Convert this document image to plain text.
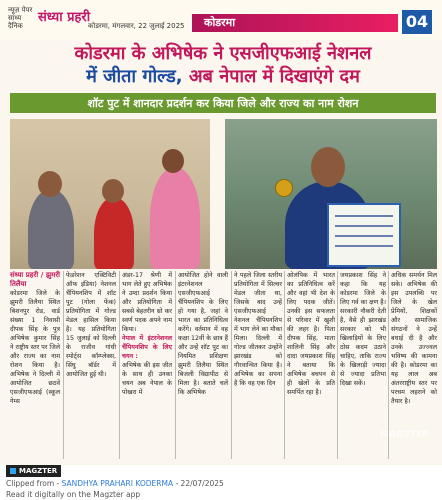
न्यूज़ पेपर सांध्य दैनिक
संध्या प्रहरी
कोडरमा, मंगलवार, 22 जुलाई 2025 कोडरमा	04
कोडरमा के अभिषेक ने एसजीएफआई नेशनल
में जीता गोल्ड, अब नेपाल में दिखाएंगे दम
शॉट पुट में शानदार प्रदर्शन कर किया जिले और राज्य का नाम रोशन
संध्या प्रहरी / झुमरी तिलैया
कोडरमा जिले के झुमरी तिलैया स्थित बिशनपुर रोड, वार्ड संख्या 1 निवासी दीपक सिंह के पुत्र अभिषेक कुमार सिंह ने राष्ट्रीय स्तर पर जिले और राज्य का नाम रोशन किया है। अभिषेक ने दिल्ली में आयोजित छठवें एसजीएफआई (स्कूल गेम्स
फेडरेशन एक्टिविटी ऑफ इंडिया) नेशनल चैंपियनशिप में शॉट पुट (गोला फेंक) प्रतियोगिता में गोल्ड मेडल हासिल किया है। यह प्रतियोगिता 15 जुलाई को दिल्ली के राजीव गांधी स्पोर्ट्स कॉम्प्लेक्स, सिंघु बॉर्डर में आयोजित हुई थी।
अंडर-17 श्रेणी में भाग लेते हुए अभिषेक ने उम्दा प्रदर्शन किया और प्रतियोगिता में सबसे बेहतरीन थ्रो कर स्वर्ण पदक अपने नाम किया।
नेपाल में इंटरनेशनल चैंपियनशिप के लिए चयन :
अभिषेक की इस जीत के साथ ही उनका चयन अब नेपाल के पोखरा में
आयोजित होने वाली इंटरनेशनल एसजीएफआई चैंपियनशिप के लिए हो गया है, जहां वे भारत का प्रतिनिधित्व करेंगे। वर्तमान में वह कक्षा 12वीं के छात्र हैं और उन्हें शॉट पुट का नियमित प्रशिक्षण झुमरी तिलैया स्थित बिजली विद्यापीठ से मिला है। बताते चलें कि अभिषेक
ने पहले जिला स्तरीय प्रतियोगिता में सिल्वर मेडल जीता था, जिसके बाद उन्हें एसजीएफआई नेशनल चैंपियनशिप में भाग लेने का मौका मिला। दिल्ली में गोल्ड जीतकर उन्होंने झारखंड को गौरवान्वित किया है। अभिषेक का सपना है कि वह एक दिन
ओलंपिक में भारत का प्रतिनिधित्व करें और वहां भी देश के लिए पदक जीतें। उनकी इस सफलता से परिवार में खुशी की लहर है। पिता दीपक सिंह, माता शालिनी सिंह और दादा जयप्रकाश सिंह ने बताया कि अभिषेक बचपन से ही खेलों के प्रति समर्पित रहा है।
जयप्रकाश सिंह ने कहा कि यह कोडरमा जिले के लिए गर्व का क्षण है। सरकारी नौकरी देती है, वैसे ही झारखंड सरकार को भी खिलाड़ियों के लिए ठोस कदम उठाने चाहिए, ताकि राज्य के खिलाड़ी ज्यादा से ज्यादा प्रतिभा दिखा सकें।
अधिक समर्थन मिल सके। अभिषेक की इस उपलब्धि पर जिले के खेल प्रेमियों, शिक्षकों और सामाजिक संगठनों ने उन्हें बधाई दी है और उनके उज्ज्वल भविष्य की कामना की है। कोडरमा का यह लाल अब अंतरराष्ट्रीय स्तर पर परचम लहराने को तैयार है।
MAGZTER
MAGZTER
Clipped from - SANDHYA PRAHARI KODERMA - 22/07/2025
Read it digitally on the Magzter app
